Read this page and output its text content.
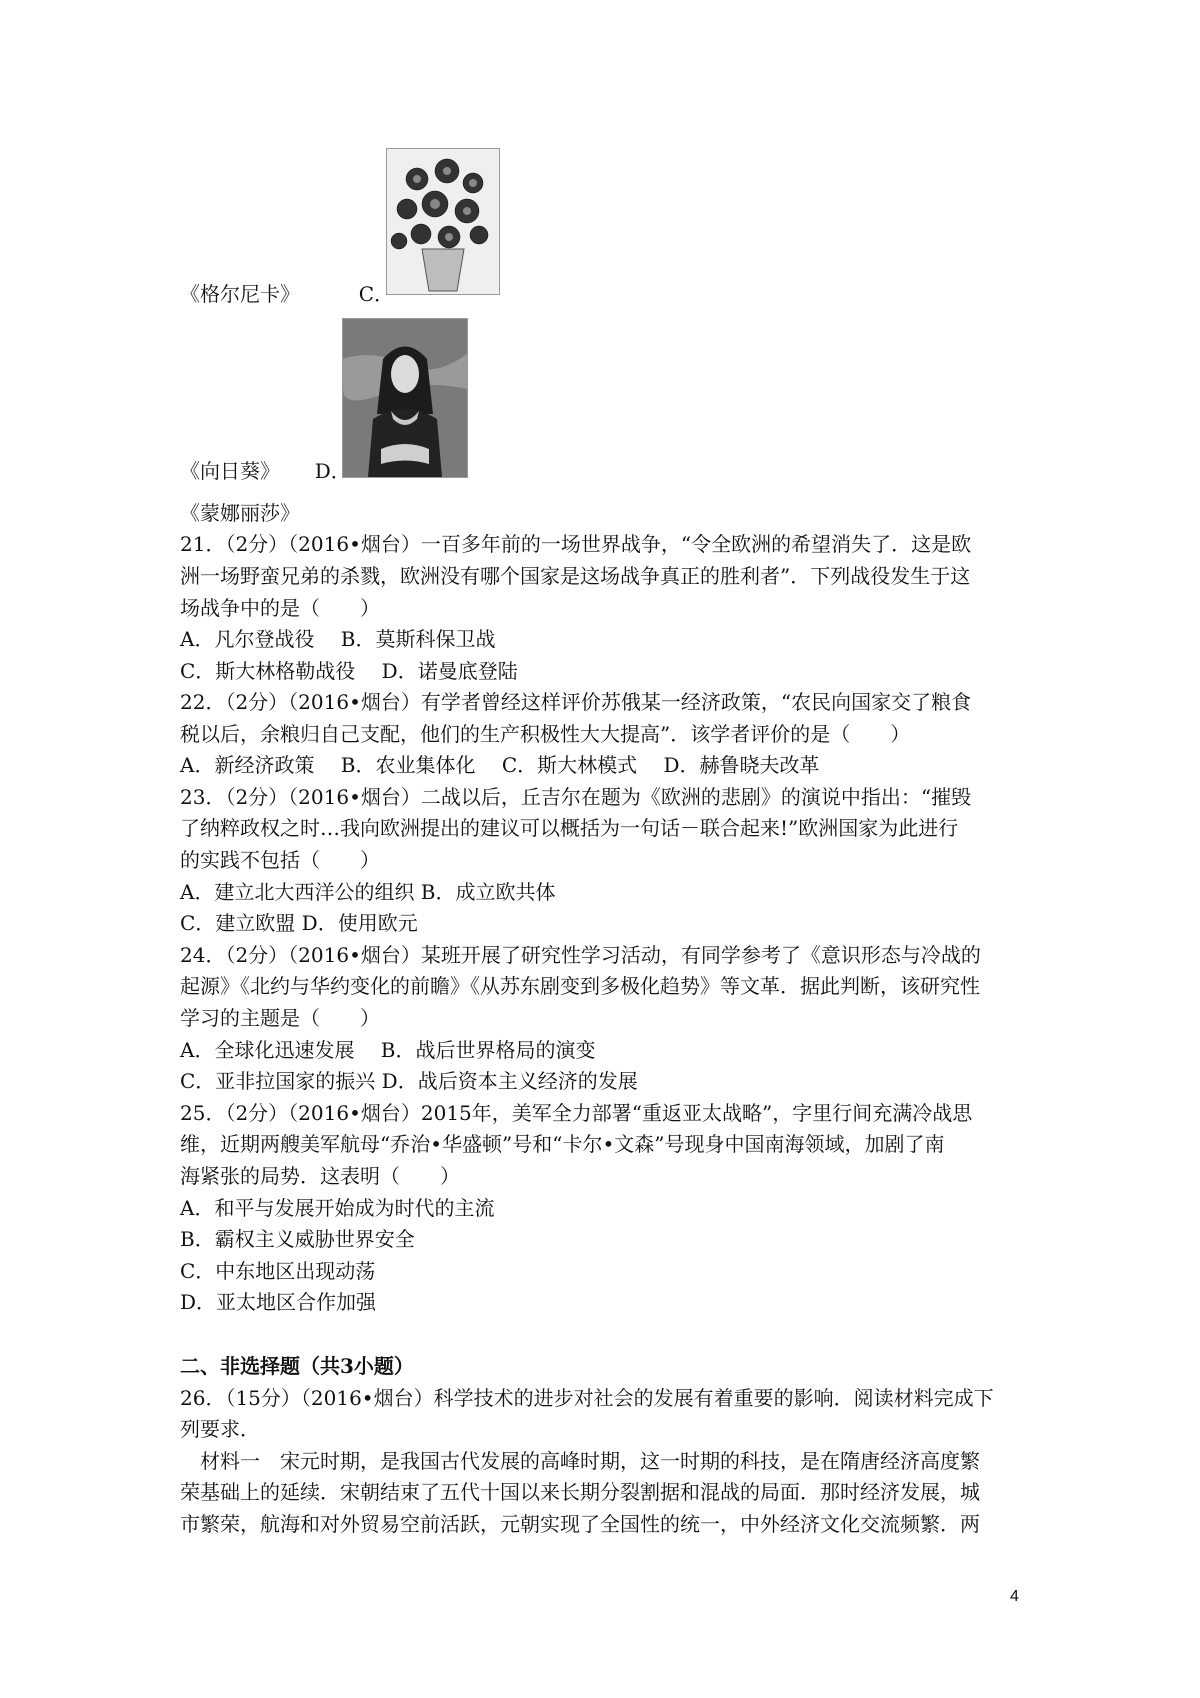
《格尔尼卡》	C．
《向日葵》 D．
《蒙娜丽莎》
21．（2分）（2016•烟台）一百多年前的一场世界战争，“令全欧洲的希望消失了．这是欧
洲一场野蛮兄弟的杀戮，欧洲没有哪个国家是这场战争真正的胜利者”．下列战役发生于这
场战争中的是（　　）
A．凡尔登战役　 B．莫斯科保卫战
C．斯大林格勒战役　 D．诺曼底登陆
22．（2分）（2016•烟台）有学者曾经这样评价苏俄某一经济政策，“农民向国家交了粮食
税以后，余粮归自己支配，他们的生产积极性大大提高”．该学者评价的是（　　）
A．新经济政策　 B．农业集体化　 C．斯大林模式　 D．赫鲁晓夫改革
23．（2分）（2016•烟台）二战以后，丘吉尔在题为《欧洲的悲剧》的演说中指出：“摧毁
了纳粹政权之时…我向欧洲提出的建议可以概括为一句话－联合起来!”欧洲国家为此进行
的实践不包括（　　）
A．建立北大西洋公的组织 B．成立欧共体
C．建立欧盟 D．使用欧元
24．（2分）（2016•烟台）某班开展了研究性学习活动，有同学参考了《意识形态与冷战的
起源》《北约与华约变化的前瞻》《从苏东剧变到多极化趋势》等文革．据此判断，该研究性
学习的主题是（　　）
A．全球化迅速发展　 B．战后世界格局的演变
C．亚非拉国家的振兴 D．战后资本主义经济的发展
25．（2分）（2016•烟台）2015年，美军全力部署“重返亚太战略”，字里行间充满冷战思
维，近期两艘美军航母“乔治•华盛顿”号和“卡尔•文森”号现身中国南海领域，加剧了南
海紧张的局势．这表明（　　）
A．和平与发展开始成为时代的主流
B．霸权主义威胁世界安全
C．中东地区出现动荡
D．亚太地区合作加强
二、非选择题（共3小题）
26．（15分）（2016•烟台）科学技术的进步对社会的发展有着重要的影响．阅读材料完成下
列要求．
　材料一　宋元时期，是我国古代发展的高峰时期，这一时期的科技，是在隋唐经济高度繁
荣基础上的延续．宋朝结束了五代十国以来长期分裂割据和混战的局面．那时经济发展，城
市繁荣，航海和对外贸易空前活跃，元朝实现了全国性的统一，中外经济文化交流频繁．两
4
